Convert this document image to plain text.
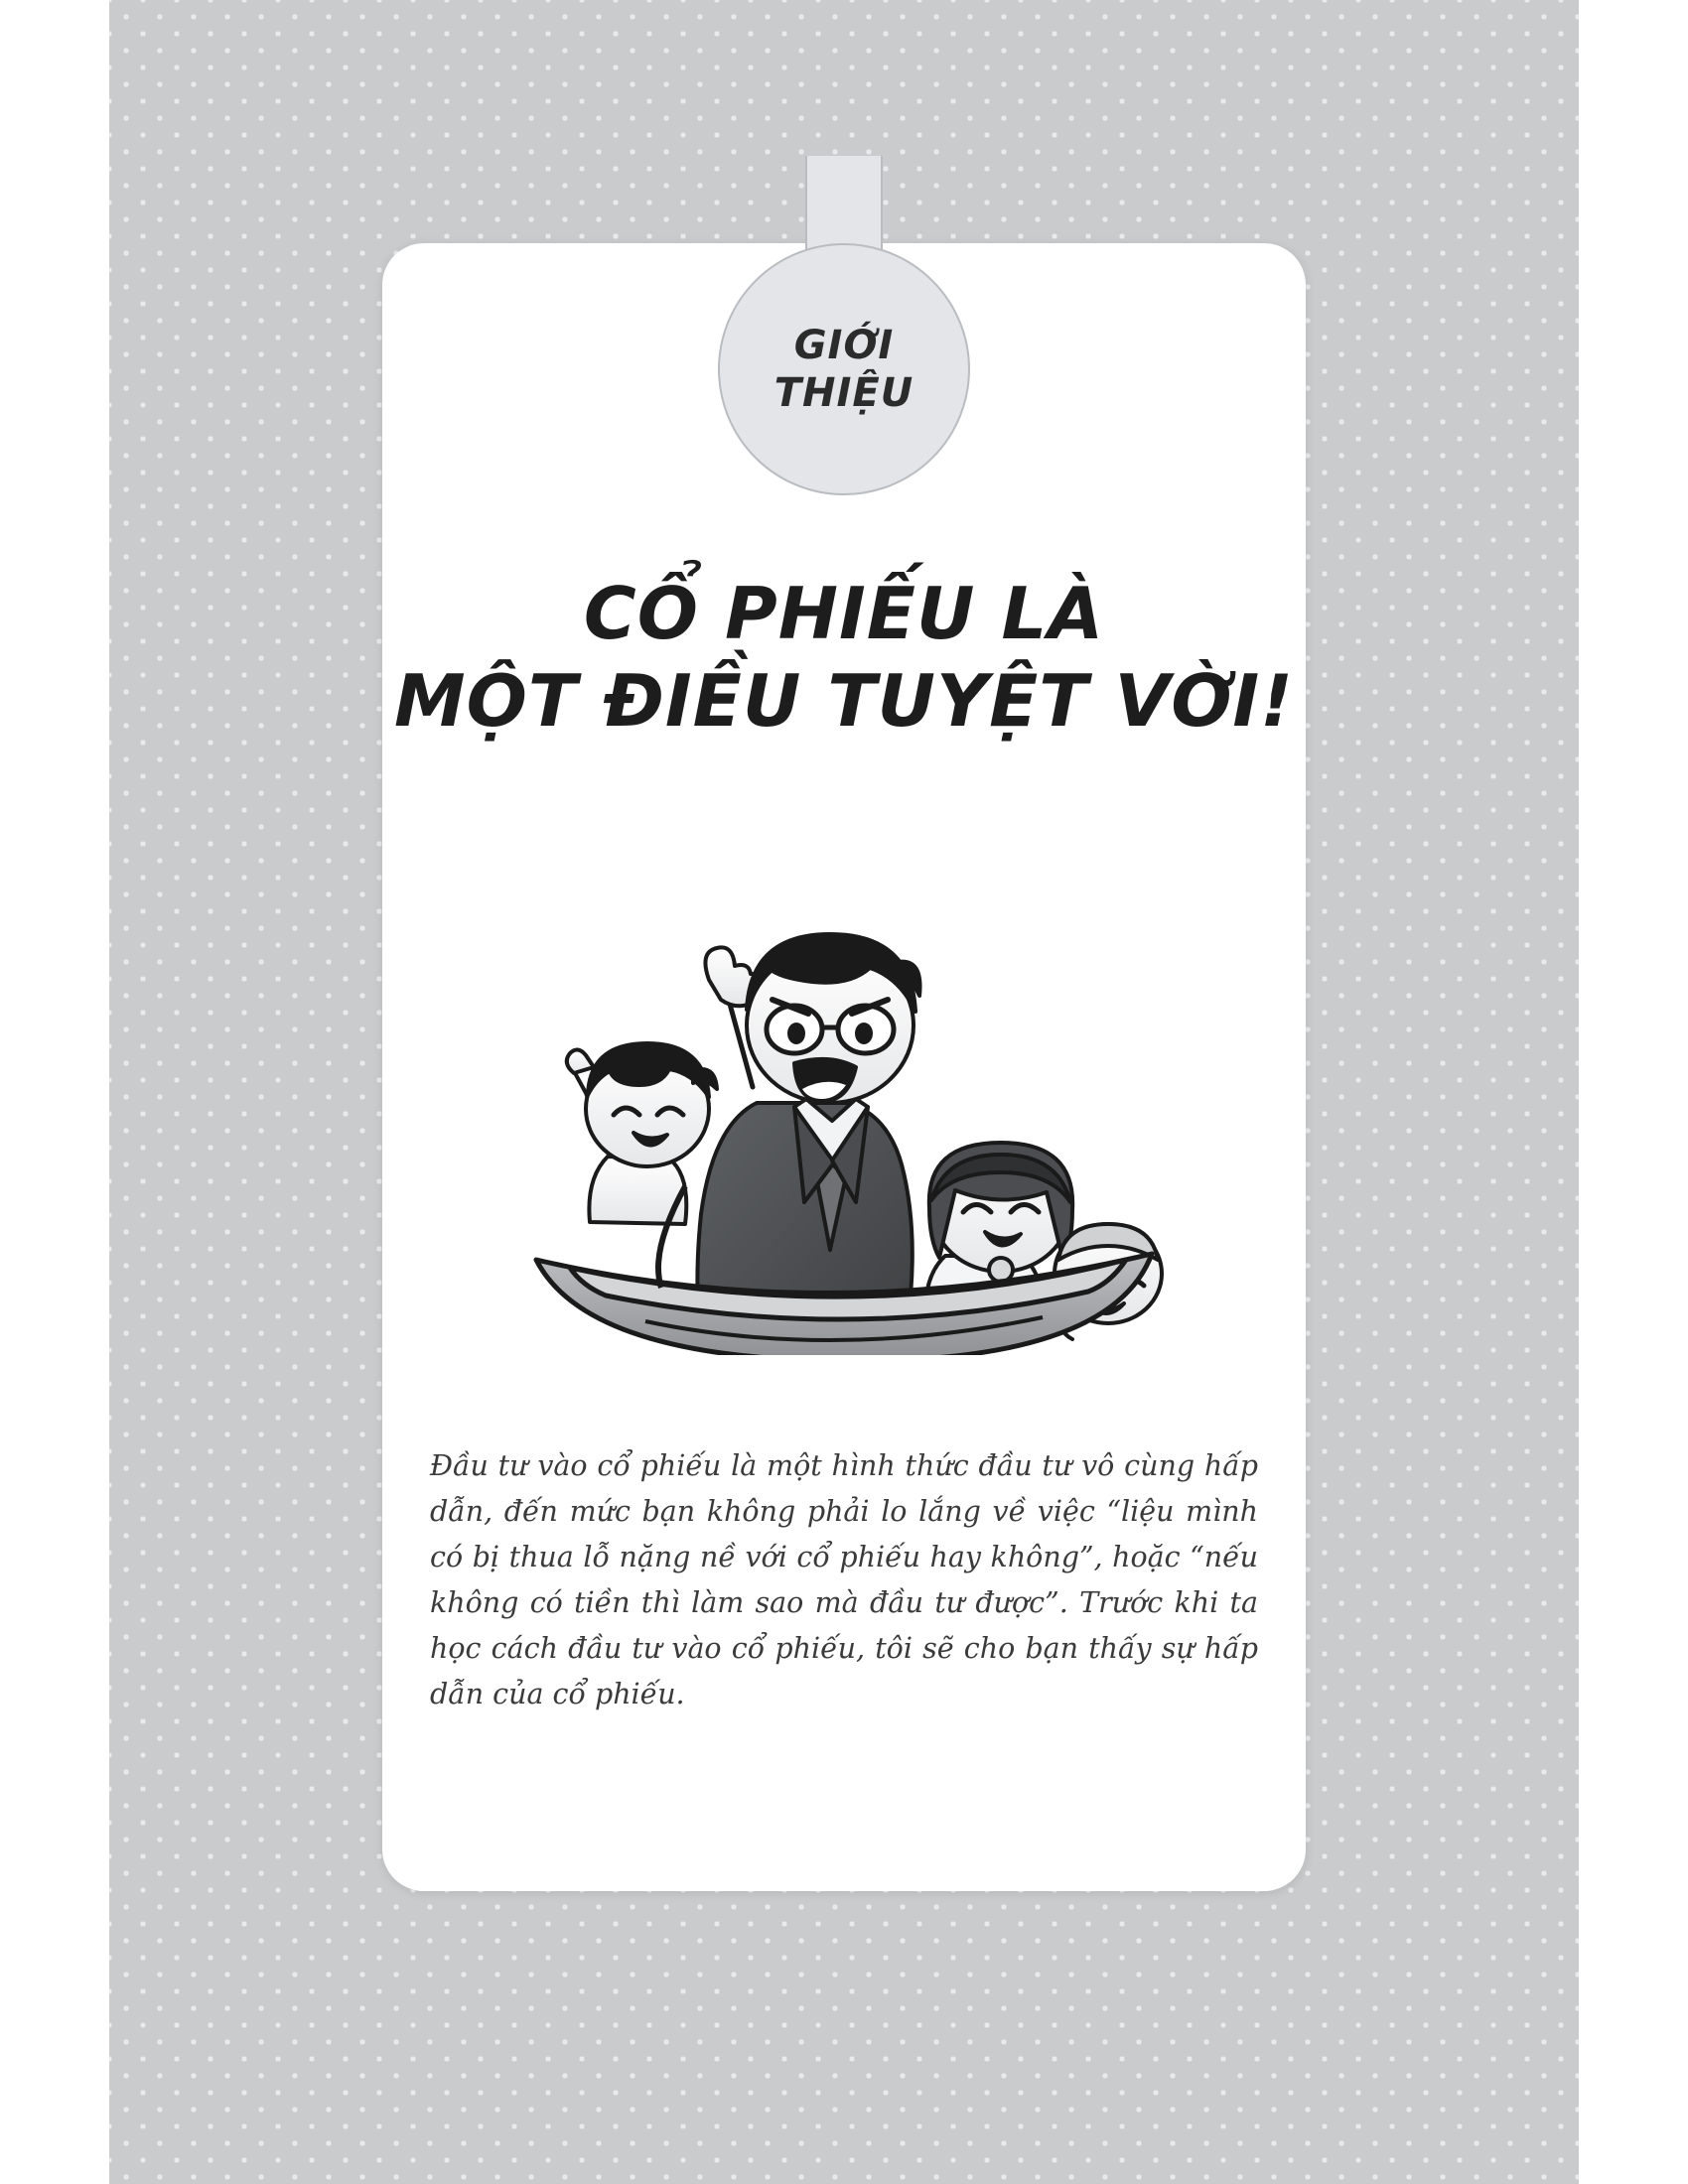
GIỚI
THIỆU
CỔ PHIẾU LÀ
MỘT ĐIỀU TUYỆT VỜI!

Đầu tư vào cổ phiếu là một hình thức đầu tư vô cùng hấp dẫn, đến mức bạn không phải lo lắng về việc “liệu mình có bị thua lỗ nặng nề với cổ phiếu hay không”, hoặc “nếu không có tiền thì làm sao mà đầu tư được”. Trước khi ta học cách đầu tư vào cổ phiếu, tôi sẽ cho bạn thấy sự hấp dẫn của cổ phiếu.
